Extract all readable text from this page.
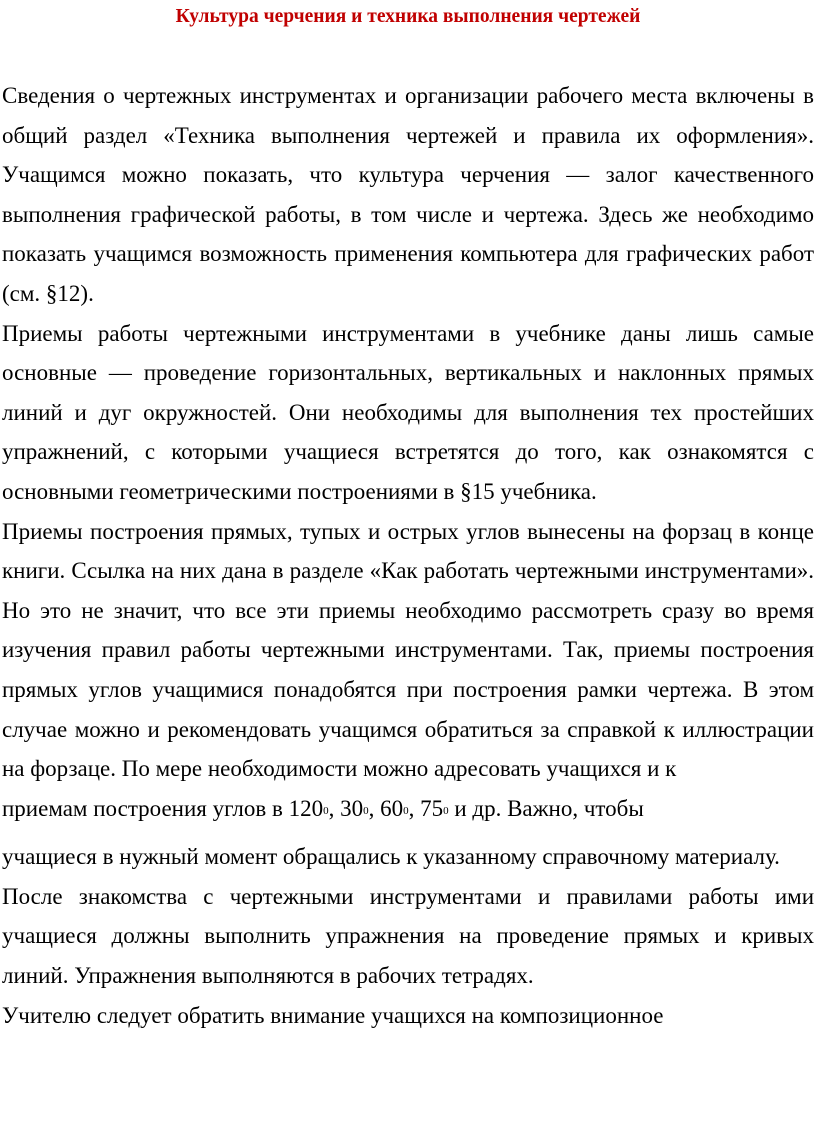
Культура черчения и техника выполнения чертежей

Сведения о чертежных инструментах и организации рабочего места включены в общий раздел «Техника выполнения чертежей и правила их оформления». Учащимся можно показать, что культура черчения — залог качественного выполнения графической работы, в том числе и чертежа. Здесь же необходимо показать учащимся возможность применения компьютера для графических работ (см. §12).

Приемы работы чертежными инструментами в учебнике даны лишь самые основные — проведение горизонтальных, вертикальных и наклонных прямых линий и дуг окружностей. Они необходимы для выполнения тех простейших упражнений, с которыми учащиеся встретятся до того, как ознакомятся с основными геометрическими построениями в §15 учебника.

Приемы построения прямых, тупых и острых углов вынесены на форзац в конце книги. Ссылка на них дана в разделе «Как работать чертежными инструментами». Но это не значит, что все эти приемы необходимо рассмотреть сразу во время изучения правил работы чертежными инструментами. Так, приемы построения прямых углов учащимися понадобятся при построения рамки чертежа. В этом случае можно и рекомендовать учащимся обратиться за справкой к иллюстрации на форзаце. По мере необходимости можно адресовать учащихся и к

приемам построения углов в $120^0$, $30^0$, $60^0$, $75^0$ и др. Важно, чтобы

учащиеся в нужный момент обращались к указанному справочному материалу.

После знакомства с чертежными инструментами и правилами работы ими учащиеся должны выполнить упражнения на проведение прямых и кривых линий. Упражнения выполняются в рабочих тетрадях.

Учителю следует обратить внимание учащихся на композиционное
